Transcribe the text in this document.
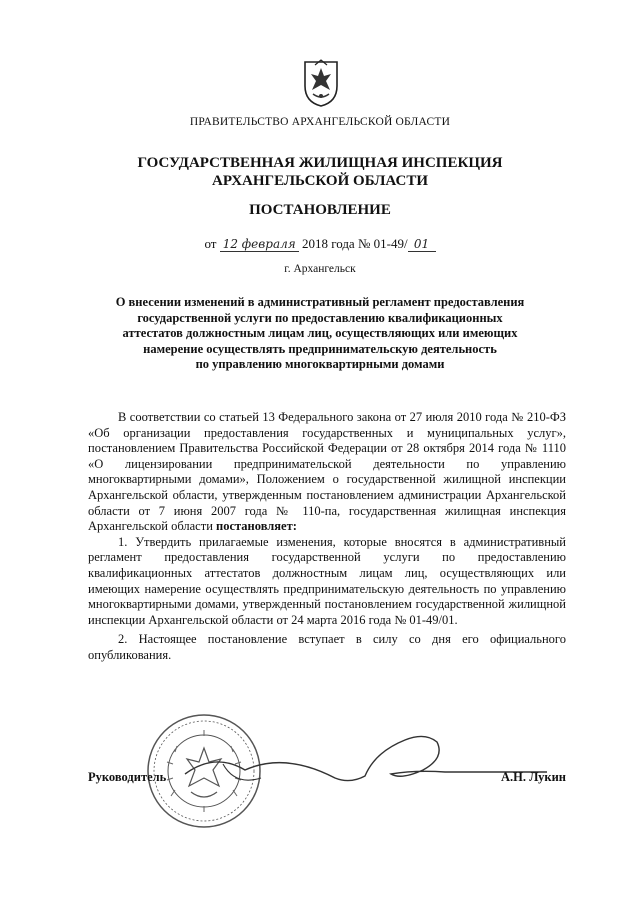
ПРАВИТЕЛЬСТВО АРХАНГЕЛЬСКОЙ ОБЛАСТИ
ГОСУДАРСТВЕННАЯ ЖИЛИЩНАЯ ИНСПЕКЦИЯ
АРХАНГЕЛЬСКОЙ ОБЛАСТИ
ПОСТАНОВЛЕНИЕ
от 12 февраля 2018 года № 01-49/ 01
г. Архангельск
О внесении изменений в административный регламент предоставления
государственной услуги по предоставлению квалификационных
аттестатов должностным лицам лиц, осуществляющих или имеющих
намерение осуществлять предпринимательскую деятельность
по управлению многоквартирными домами

В соответствии со статьей 13 Федерального закона от 27 июля 2010 года № 210-ФЗ «Об организации предоставления государственных и муниципальных услуг», постановлением Правительства Российской Федерации от 28 октября 2014 года № 1110 «О лицензировании предпринимательской деятельности по управлению многоквартирными домами», Положением о государственной жилищной инспекции Архангельской области, утвержденным постановлением администрации Архангельской области от 7 июня 2007 года № 110-па, государственная жилищная инспекция Архангельской области постановляет:

1. Утвердить прилагаемые изменения, которые вносятся в административный регламент предоставления государственной услуги по предоставлению квалификационных аттестатов должностным лицам лиц, осуществляющих или имеющих намерение осуществлять предпринимательскую деятельность по управлению многоквартирными домами, утвержденный постановлением государственной жилищной инспекции Архангельской области от 24 марта 2016 года № 01-49/01.

2. Настоящее постановление вступает в силу со дня его официального опубликования.

Руководитель	А.Н. Лукин
